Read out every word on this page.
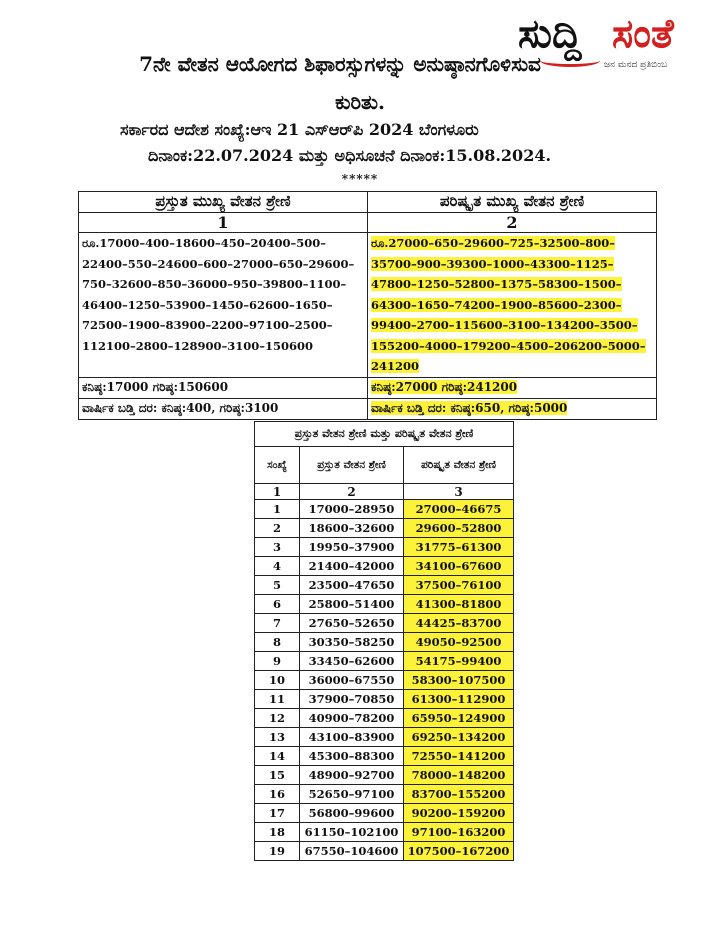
ಸುದ್ದಿ ಸಂತೆ
ಜನ ಮನದ ಪ್ರತಿಬಿಂಬ
7ನೇ ವೇತನ ಆಯೋಗದ ಶಿಫಾರಸ್ಸುಗಳನ್ನು ಅನುಷ್ಠಾನಗೊಳಿಸುವ
ಕುರಿತು.
ಸರ್ಕಾರದ ಆದೇಶ ಸಂಖ್ಯೆ:ಆಇ 21 ಎಸ್ಆರ್‌ಪಿ 2024 ಬೆಂಗಳೂರು
ದಿನಾಂಕ:22.07.2024 ಮತ್ತು ಅಧಿಸೂಚನೆ ದಿನಾಂಕ:15.08.2024.
*****
ಪ್ರಸ್ತುತ ಮುಖ್ಯ ವೇತನ ಶ್ರೇಣಿ	ಪರಿಷ್ಕೃತ ಮುಖ್ಯ ವೇತನ ಶ್ರೇಣಿ
1	2
ರೂ.17000–400–18600–450–20400–500–22400–550–24600–600–27000–650–29600–750–32600–850–36000–950–39800–1100–46400–1250–53900–1450–62600–1650–72500–1900–83900–2200–97100–2500–112100–2800–128900–3100–150600	ರೂ.27000–650–29600–725–32500–800–35700–900–39300–1000–43300–1125–47800–1250–52800–1375–58300–1500–64300–1650–74200–1900–85600–2300–99400–2700–115600–3100–134200–3500–155200–4000–179200–4500–206200–5000–241200
ಕನಿಷ್ಠ:17000 ಗರಿಷ್ಠ:150600	ಕನಿಷ್ಠ:27000 ಗರಿಷ್ಠ:241200
ವಾರ್ಷಿಕ ಬಡ್ತಿ ದರ: ಕನಿಷ್ಠ:400, ಗರಿಷ್ಠ:3100	ವಾರ್ಷಿಕ ಬಡ್ತಿ ದರ: ಕನಿಷ್ಠ:650, ಗರಿಷ್ಠ:5000
ಪ್ರಸ್ತುತ ವೇತನ ಶ್ರೇಣಿ ಮತ್ತು ಪರಿಷ್ಕೃತ ವೇತನ ಶ್ರೇಣಿ		
ಸಂಖ್ಯೆ	ಪ್ರಸ್ತುತ ವೇತನ ಶ್ರೇಣಿ	ಪರಿಷ್ಕೃತ ವೇತನ ಶ್ರೇಣಿ
1	2	3
1	17000–28950	27000–46675
2	18600–32600	29600–52800
3	19950–37900	31775–61300
4	21400–42000	34100–67600
5	23500–47650	37500–76100
6	25800–51400	41300–81800
7	27650–52650	44425–83700
8	30350–58250	49050–92500
9	33450–62600	54175–99400
10	36000–67550	58300–107500
11	37900–70850	61300–112900
12	40900–78200	65950–124900
13	43100–83900	69250–134200
14	45300–88300	72550–141200
15	48900–92700	78000–148200
16	52650–97100	83700–155200
17	56800–99600	90200–159200
18	61150–102100	97100–163200
19	67550–104600	107500–167200
